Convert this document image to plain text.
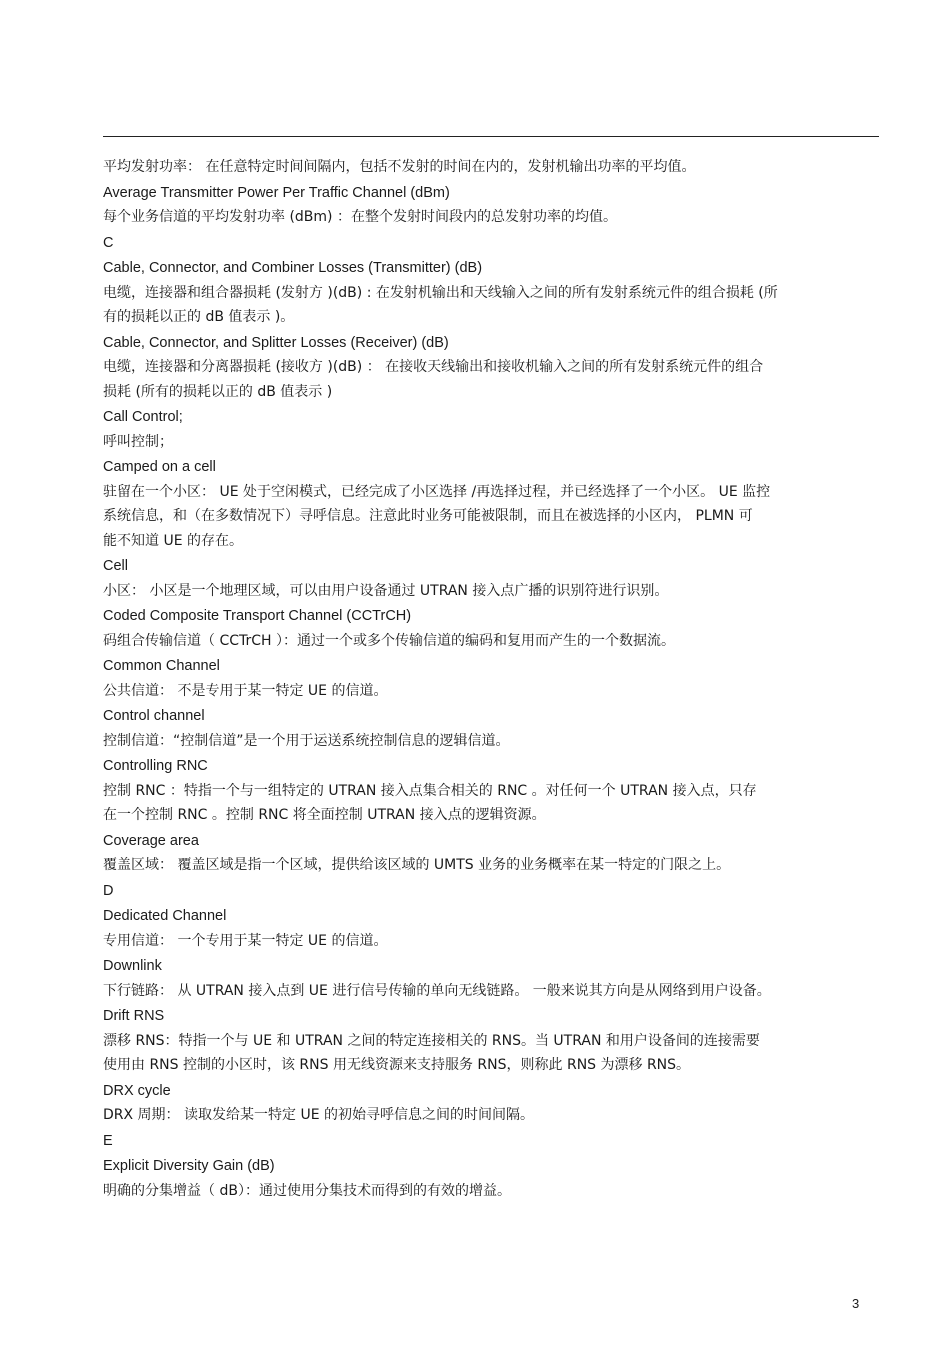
平均发射功率： 在任意特定时间间隔内，包括不发射的时间在内的，发射机输出功率的平均值。
Average Transmitter Power Per Traffic Channel (dBm)
每个业务信道的平均发射功率 (dBm) ：在整个发射时间段内的总发射功率的均值。
C
Cable, Connector, and Combiner Losses (Transmitter) (dB)
电缆，连接器和组合器损耗 (发射方 )(dB) : 在发射机输出和天线输入之间的所有发射系统元件的组合损耗 (所
有的损耗以正的 dB 值表示 )。
Cable, Connector, and Splitter Losses (Receiver) (dB)
电缆，连接器和分离器损耗 (接收方 )(dB) ： 在接收天线输出和接收机输入之间的所有发射系统元件的组合
损耗 (所有的损耗以正的 dB 值表示 )
Call Control;
呼叫控制；
Camped on a cell
驻留在一个小区： UE 处于空闲模式，已经完成了小区选择 /再选择过程，并已经选择了一个小区。 UE 监控
系统信息，和（在多数情况下）寻呼信息。注意此时业务可能被限制，而且在被选择的小区内， PLMN 可
能不知道 UE 的存在。
Cell
小区： 小区是一个地理区域，可以由用户设备通过 UTRAN 接入点广播的识别符进行识别。
Coded Composite Transport Channel (CCTrCH)
码组合传输信道（ CCTrCH ）：通过一个或多个传输信道的编码和复用而产生的一个数据流。
Common Channel
公共信道： 不是专用于某一特定 UE 的信道。
Control channel
控制信道：“控制信道”是一个用于运送系统控制信息的逻辑信道。
Controlling RNC
控制 RNC ：特指一个与一组特定的 UTRAN 接入点集合相关的 RNC 。对任何一个 UTRAN 接入点，只存
在一个控制 RNC 。控制 RNC 将全面控制 UTRAN 接入点的逻辑资源。
Coverage area
覆盖区域： 覆盖区域是指一个区域，提供给该区域的 UMTS 业务的业务概率在某一特定的门限之上。
D
Dedicated Channel
专用信道： 一个专用于某一特定 UE 的信道。
Downlink
下行链路： 从 UTRAN 接入点到 UE 进行信号传输的单向无线链路。 一般来说其方向是从网络到用户设备。
Drift RNS
漂移 RNS：特指一个与 UE 和 UTRAN 之间的特定连接相关的 RNS。当 UTRAN 和用户设备间的连接需要
使用由 RNS 控制的小区时，该 RNS 用无线资源来支持服务 RNS，则称此 RNS 为漂移 RNS。
DRX cycle
DRX 周期： 读取发给某一特定 UE 的初始寻呼信息之间的时间间隔。
E
Explicit Diversity Gain (dB)
明确的分集增益（ dB）：通过使用分集技术而得到的有效的增益。
3
